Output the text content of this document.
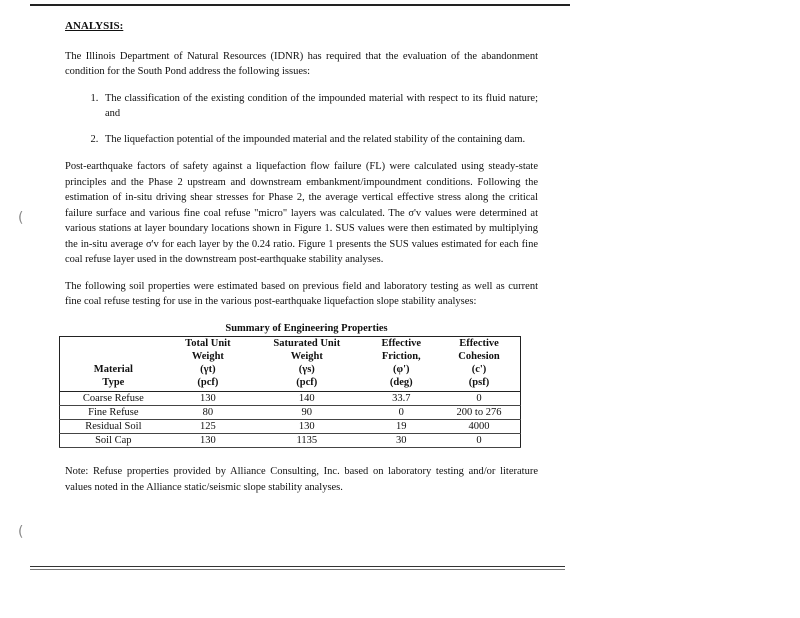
(
(
ANALYSIS:

The Illinois Department of Natural Resources (IDNR) has required that the evaluation of the abandonment condition for the South Pond address the following issues:

1. The classification of the existing condition of the impounded material with respect to its fluid nature; and
2. The liquefaction potential of the impounded material and the related stability of the containing dam.

Post-earthquake factors of safety against a liquefaction flow failure (FL) were calculated using steady-state principles and the Phase 2 upstream and downstream embankment/impoundment conditions. Following the estimation of in-situ driving shear stresses for Phase 2, the average vertical effective stress along the critical failure surface and various fine coal refuse "micro" layers was calculated. The σ'v values were determined at various stations at layer boundary locations shown in Figure 1. SUS values were then estimated by multiplying the in-situ average σ'v for each layer by the 0.24 ratio. Figure 1 presents the SUS values estimated for each fine coal refuse layer used in the downstream post-earthquake stability analyses.

The following soil properties were estimated based on previous field and laboratory testing as well as current fine coal refuse testing for use in the various post-earthquake liquefaction slope stability analyses:

Summary of Engineering Properties

Material
Type	Total Unit
Weight
(γt)
(pcf)	Saturated Unit
Weight
(γs)
(pcf)	Effective
Friction,
(φ')
(deg)	Effective
Cohesion
(c')
(psf)
Coarse Refuse	130	140	33.7	0
Fine Refuse	80	90	0	200 to 276
Residual Soil	125	130	19	4000
Soil Cap	130	1135	30	0

Note: Refuse properties provided by Alliance Consulting, Inc. based on laboratory testing and/or literature values noted in the Alliance static/seismic slope stability analyses.
